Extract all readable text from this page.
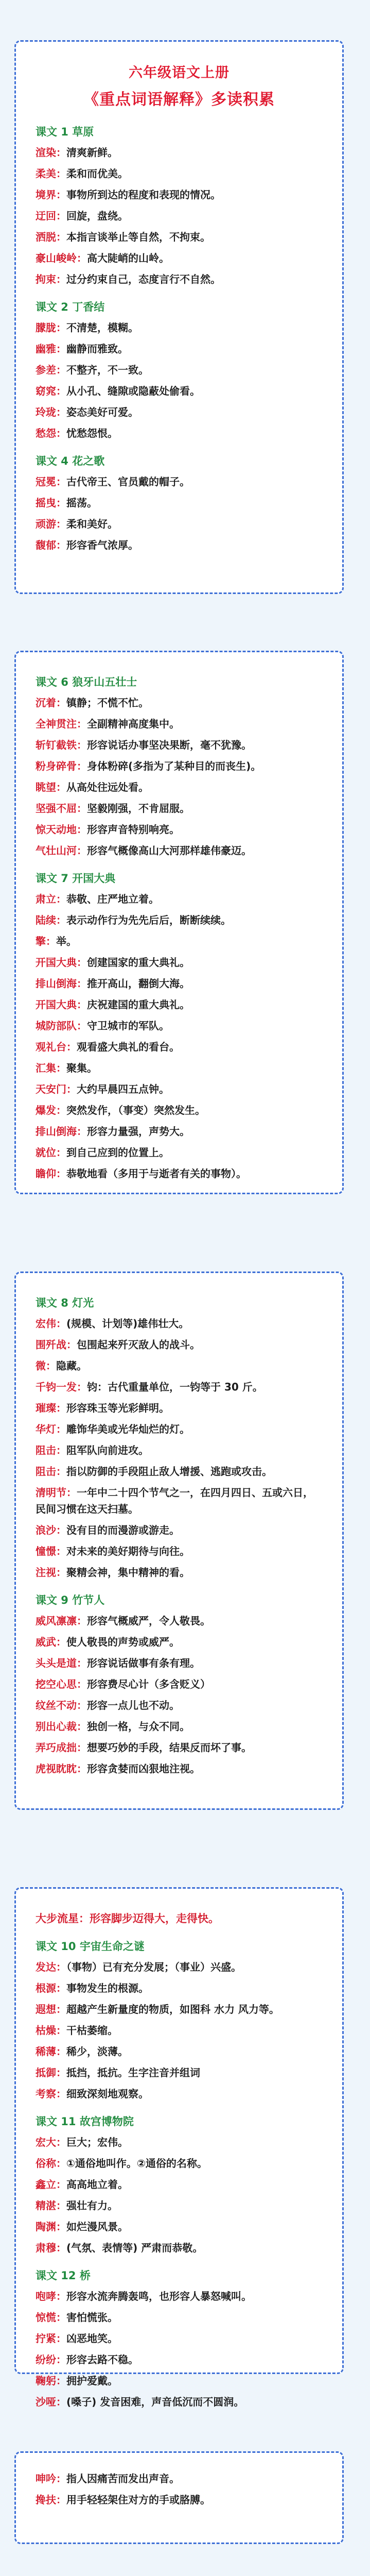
六年级语文上册
《重点词语解释》多读积累
课文 1 草原
渲染：清爽新鲜。
柔美：柔和而优美。
境界：事物所到达的程度和表现的情况。
迂回：回旋，盘绕。
洒脱：本指言谈举止等自然，不拘束。
豪山峻岭：高大陡峭的山岭。
拘束：过分约束自己，态度言行不自然。
课文 2 丁香结
朦胧：不清楚，模糊。
幽雅：幽静而雅致。
参差：不整齐，不一致。
窈窕：从小孔、缝隙或隐蔽处偷看。
玲珑：姿态美好可爱。
愁怨：忧愁怨恨。
课文 4 花之歌
冠冕：古代帝王、官员戴的帽子。
摇曳：摇荡。
顽游：柔和美好。
馥郁：形容香气浓厚。
课文 6 狼牙山五壮士
沉着：镇静；不慌不忙。
全神贯注：全副精神高度集中。
斩钉截铁：形容说话办事坚决果断，毫不犹豫。
粉身碎骨：身体粉碎(多指为了某种目的而丧生)。
眺望：从高处往远处看。
坚强不屈：坚毅刚强，不肯屈服。
惊天动地：形容声音特别响亮。
气壮山河：形容气概像高山大河那样雄伟豪迈。
课文 7 开国大典
肃立：恭敬、庄严地立着。
陆续：表示动作行为先先后后，断断续续。
擎：举。
开国大典：创建国家的重大典礼。
排山倒海：推开高山，翻倒大海。
开国大典：庆祝建国的重大典礼。
城防部队：守卫城市的军队。
观礼台：观看盛大典礼的看台。
汇集：聚集。
天安门：大约早晨四五点钟。
爆发：突然发作，（事变）突然发生。
排山倒海：形容力量强，声势大。
就位：到自己应到的位置上。
瞻仰：恭敬地看（多用于与逝者有关的事物）。
课文 8 灯光
宏伟：(规模、计划等)雄伟壮大。
围歼战：包围起来歼灭敌人的战斗。
微：隐藏。
千钧一发：钧：古代重量单位，一钧等于 30 斤。
璀璨：形容珠玉等光彩鲜明。
华灯：雕饰华美或光华灿烂的灯。
阻击：阻军队向前进攻。
阻击：指以防御的手段阻止敌人增援、逃跑或攻击。
清明节：一年中二十四个节气之一，在四月四日、五或六日，民间习惯在这天扫墓。
浪沙：没有目的而漫游或游走。
憧憬：对未来的美好期待与向往。
注视：聚精会神，集中精神的看。
课文 9 竹节人
威风凛凛：形容气概威严，令人敬畏。
威武：使人敬畏的声势或威严。
头头是道：形容说话做事有条有理。
挖空心思：形容费尽心计（多含贬义）
纹丝不动：形容一点儿也不动。
别出心裁：独创一格，与众不同。
弄巧成拙：想要巧妙的手段，结果反而坏了事。
虎视眈眈：形容贪婪而凶狠地注视。
大步流星：形容脚步迈得大，走得快。
课文 10 宇宙生命之谜
发达：（事物）已有充分发展；（事业）兴盛。
根源：事物发生的根源。
遐想：超越产生新量度的物质，如图科 水力 风力等。
枯燥：干枯萎缩。
稀薄：稀少，淡薄。
抵御：抵挡，抵抗。生字注音并组词
考察：细致深刻地观察。
课文 11 故宫博物院
宏大：巨大；宏伟。
俗称：①通俗地叫作。②通俗的名称。
鑫立：高高地立着。
精湛：强壮有力。
陶渊：如烂漫风景。
肃穆：(气氛、表情等) 严肃而恭敬。
课文 12 桥
咆哮：形容水流奔腾轰鸣，也形容人暴怒喊叫。
惊慌：害怕慌张。
拧紧：凶恶地笑。
纷纷：形容去路不稳。
鞠躬：拥护爱戴。
沙哑：(嗓子) 发音困难，声音低沉而不圆润。
呻吟：指人因痛苦而发出声音。
搀扶：用手轻轻架住对方的手或胳膊。
